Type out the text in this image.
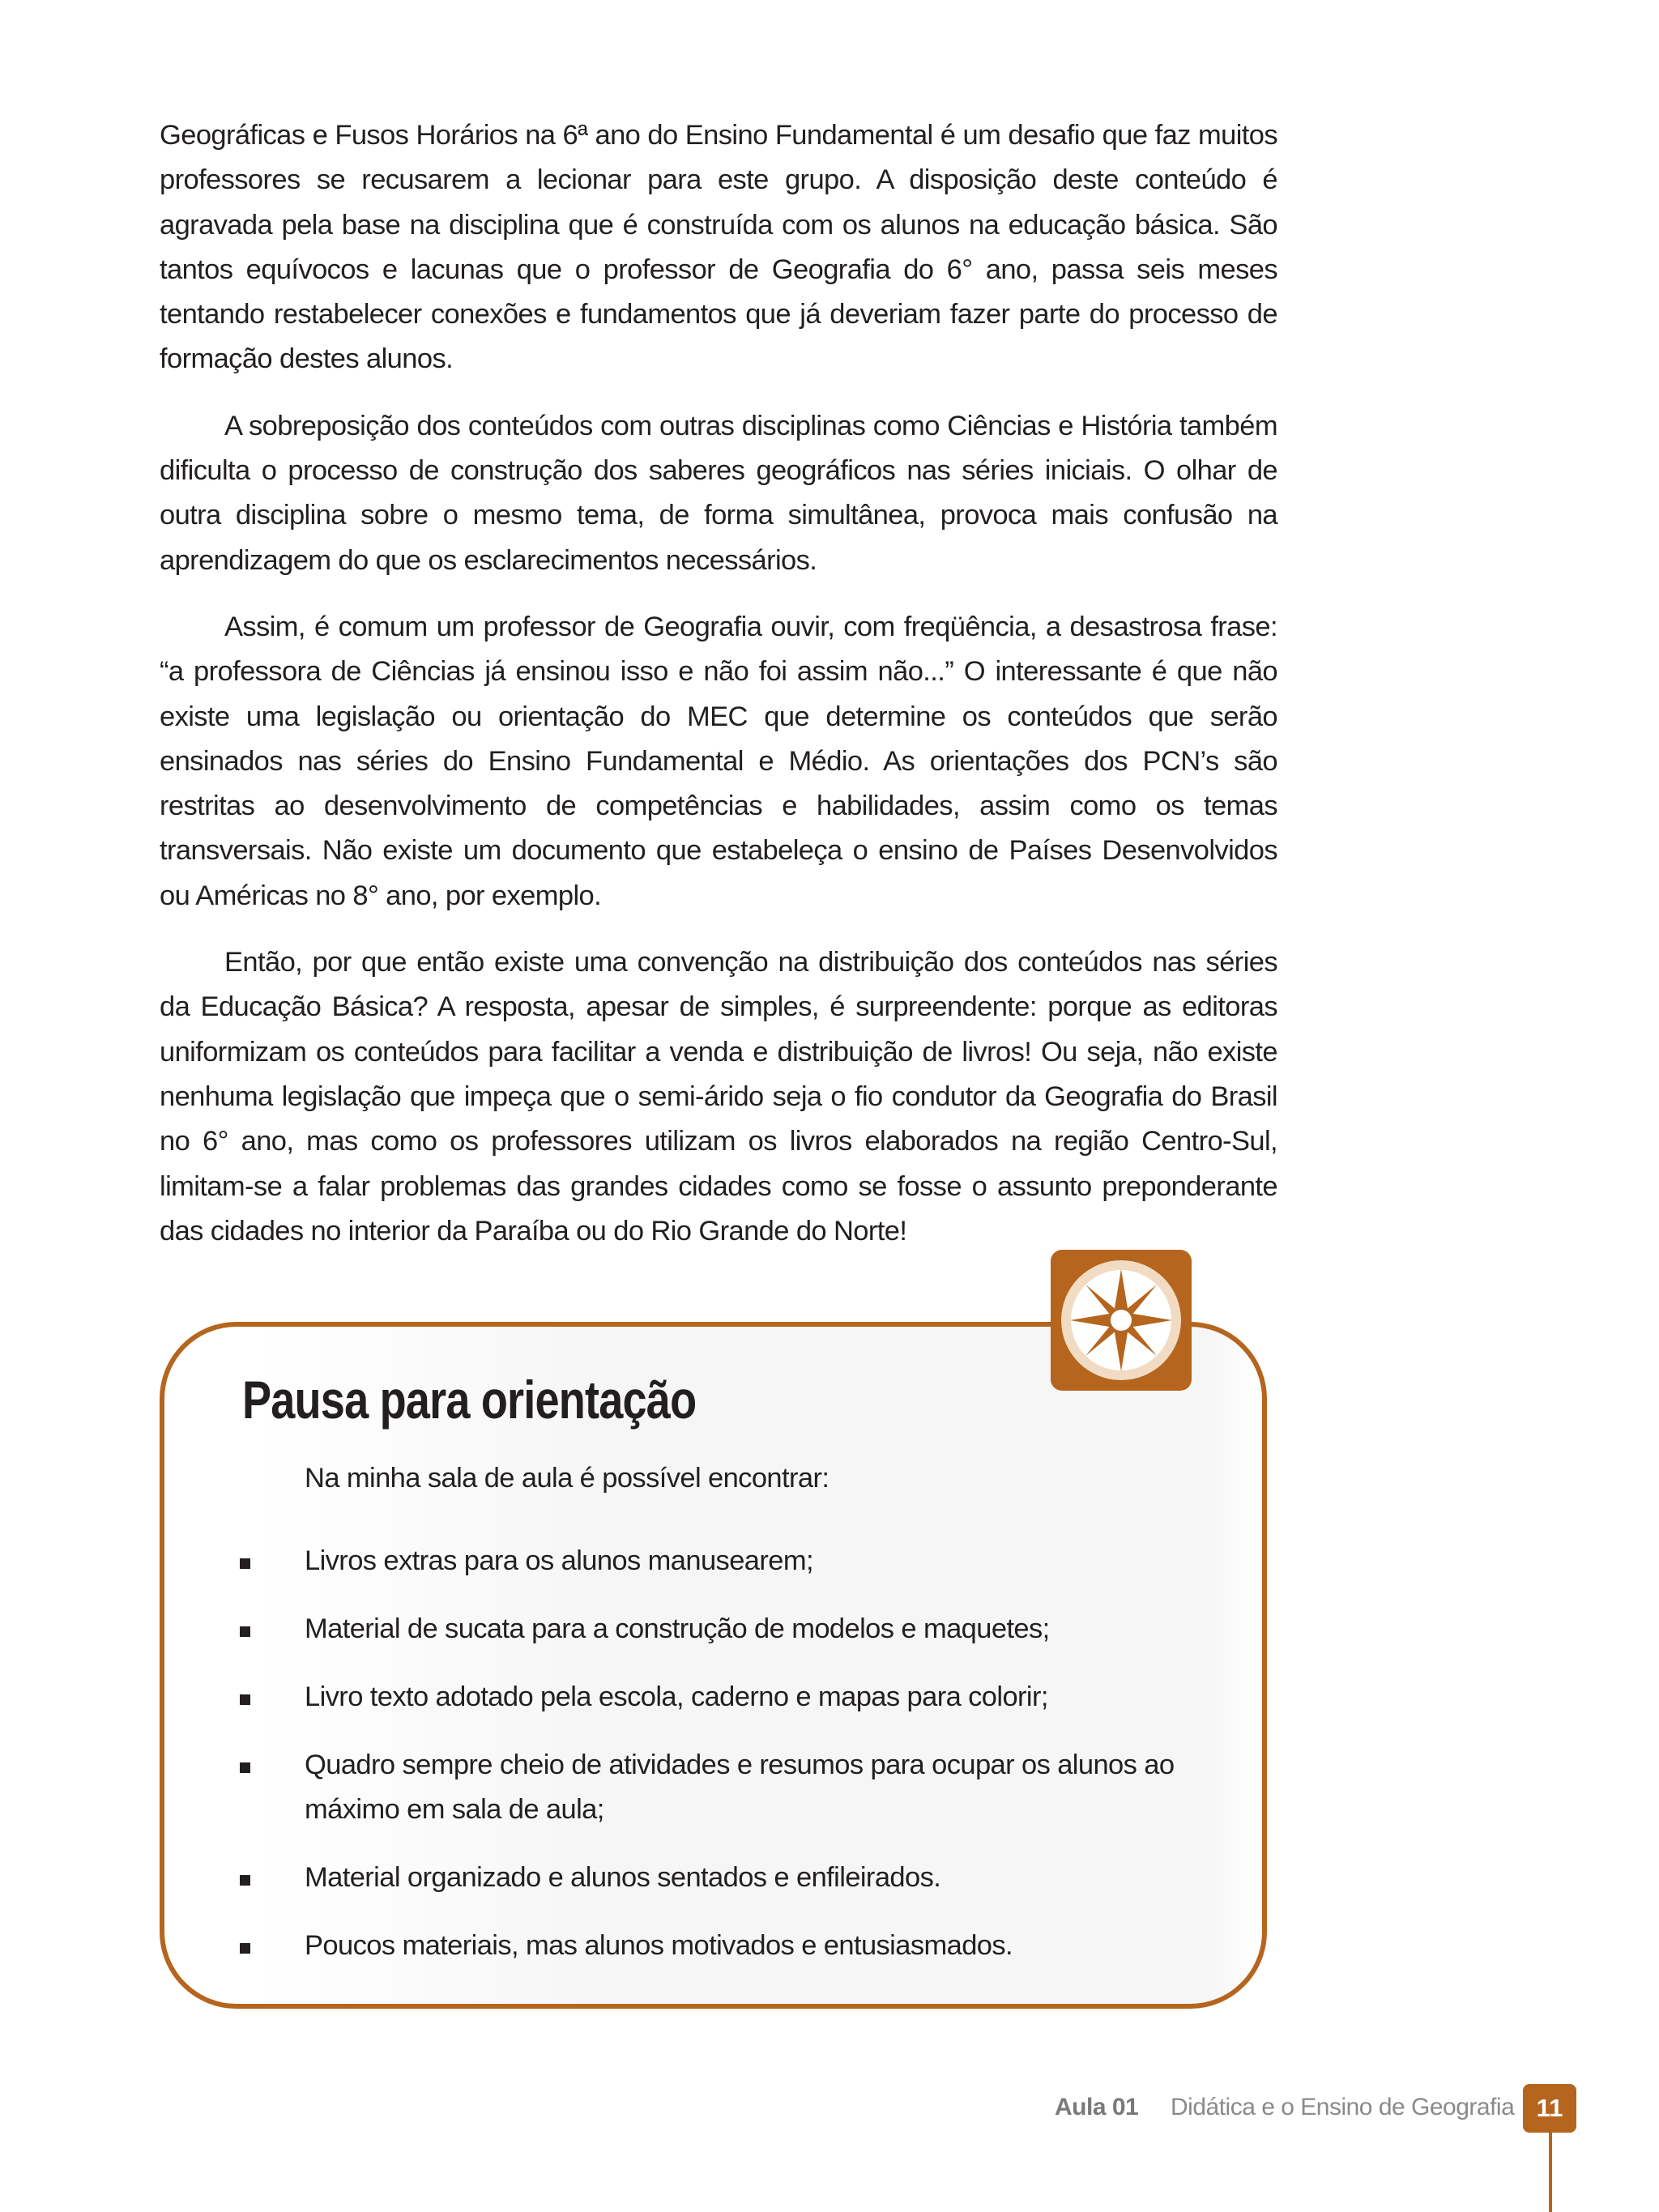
Geográficas e Fusos Horários na 6ª ano do Ensino Fundamental é um desafio que faz muitos professores se recusarem a lecionar para este grupo. A disposição deste conteúdo é agravada pela base na disciplina que é construída com os alunos na educação básica. São tantos equívocos e lacunas que o professor de Geografia do 6° ano, passa seis meses tentando restabelecer conexões e fundamentos que já deveriam fazer parte do processo de formação destes alunos.

A sobreposição dos conteúdos com outras disciplinas como Ciências e História também dificulta o processo de construção dos saberes geográficos nas séries iniciais. O olhar de outra disciplina sobre o mesmo tema, de forma simultânea, provoca mais confusão na aprendizagem do que os esclarecimentos necessários.

Assim, é comum um professor de Geografia ouvir, com freqüência, a desastrosa frase: “a professora de Ciências já ensinou isso e não foi assim não...” O interessante é que não existe uma legislação ou orientação do MEC que determine os conteúdos que serão ensinados nas séries do Ensino Fundamental e Médio. As orientações dos PCN’s são restritas ao desenvolvimento de competências e habilidades, assim como os temas transversais. Não existe um documento que estabeleça o ensino de Países Desenvolvidos ou Américas no 8° ano, por exemplo.

Então, por que então existe uma convenção na distribuição dos conteúdos nas séries da Educação Básica? A resposta, apesar de simples, é surpreendente: porque as editoras uniformizam os conteúdos para facilitar a venda e distribuição de livros! Ou seja, não existe nenhuma legislação que impeça que o semi-árido seja o fio condutor da Geografia do Brasil no 6° ano, mas como os professores utilizam os livros elaborados na região Centro-Sul, limitam-se a falar problemas das grandes cidades como se fosse o assunto preponderante das cidades no interior da Paraíba ou do Rio Grande do Norte!

Pausa para orientação
Na minha sala de aula é possível encontrar:
Livros extras para os alunos manusearem;
Material de sucata para a construção de modelos e maquetes;
Livro texto adotado pela escola, caderno e mapas para colorir;
Quadro sempre cheio de atividades e resumos para ocupar os alunos ao máximo em sala de aula;
Material organizado e alunos sentados e enfileirados.
Poucos materiais, mas alunos motivados e entusiasmados.
Aula 01 Didática e o Ensino de Geografia 11
